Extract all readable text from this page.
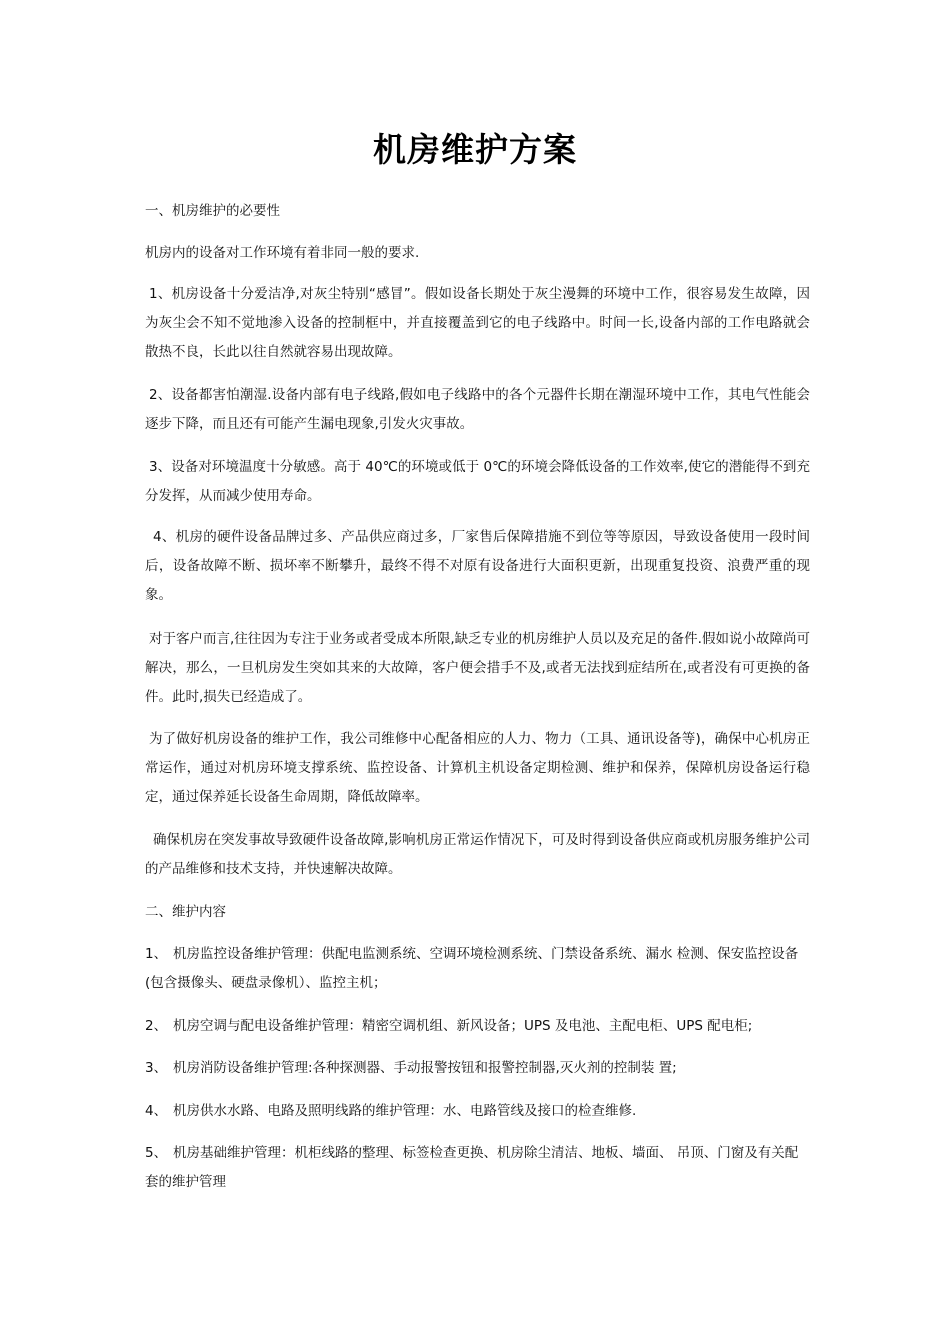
机房维护方案
一、机房维护的必要性
机房内的设备对工作环境有着非同一般的要求.
1、机房设备十分爱洁净,对灰尘特别“感冒”。假如设备长期处于灰尘漫舞的环境中工作，很容易发生故障，因为灰尘会不知不觉地渗入设备的控制框中，并直接覆盖到它的电子线路中。时间一长,设备内部的工作电路就会散热不良，长此以往自然就容易出现故障。
2、设备都害怕潮湿.设备内部有电子线路,假如电子线路中的各个元器件长期在潮湿环境中工作，其电气性能会逐步下降，而且还有可能产生漏电现象,引发火灾事故。
3、设备对环境温度十分敏感。高于 40℃的环境或低于 0℃的环境会降低设备的工作效率,使它的潜能得不到充分发挥，从而减少使用寿命。
4、机房的硬件设备品牌过多、产品供应商过多，厂家售后保障措施不到位等等原因，导致设备使用一段时间后，设备故障不断、损坏率不断攀升，最终不得不对原有设备进行大面积更新，出现重复投资、浪费严重的现象。
对于客户而言,往往因为专注于业务或者受成本所限,缺乏专业的机房维护人员以及充足的备件.假如说小故障尚可解决，那么，一旦机房发生突如其来的大故障，客户便会措手不及,或者无法找到症结所在,或者没有可更换的备件。此时,损失已经造成了。
为了做好机房设备的维护工作，我公司维修中心配备相应的人力、物力（工具、通讯设备等)，确保中心机房正常运作，通过对机房环境支撑系统、监控设备、计算机主机设备定期检测、维护和保养，保障机房设备运行稳定，通过保养延长设备生命周期，降低故障率。
确保机房在突发事故导致硬件设备故障,影响机房正常运作情况下，可及时得到设备供应商或机房服务维护公司的产品维修和技术支持，并快速解决故障。
二、维护内容
1、 机房监控设备维护管理：供配电监测系统、空调环境检测系统、门禁设备系统、漏水 检测、保安监控设备(包含摄像头、硬盘录像机）、监控主机；
2、 机房空调与配电设备维护管理：精密空调机组、新风设备；UPS 及电池、主配电柜、UPS 配电柜;
3、 机房消防设备维护管理:各种探测器、手动报警按钮和报警控制器,灭火剂的控制装 置;
4、 机房供水水路、电路及照明线路的维护管理：水、电路管线及接口的检查维修.
5、 机房基础维护管理：机柜线路的整理、标签检查更换、机房除尘清洁、地板、墙面、 吊顶、门窗及有关配套的维护管理
